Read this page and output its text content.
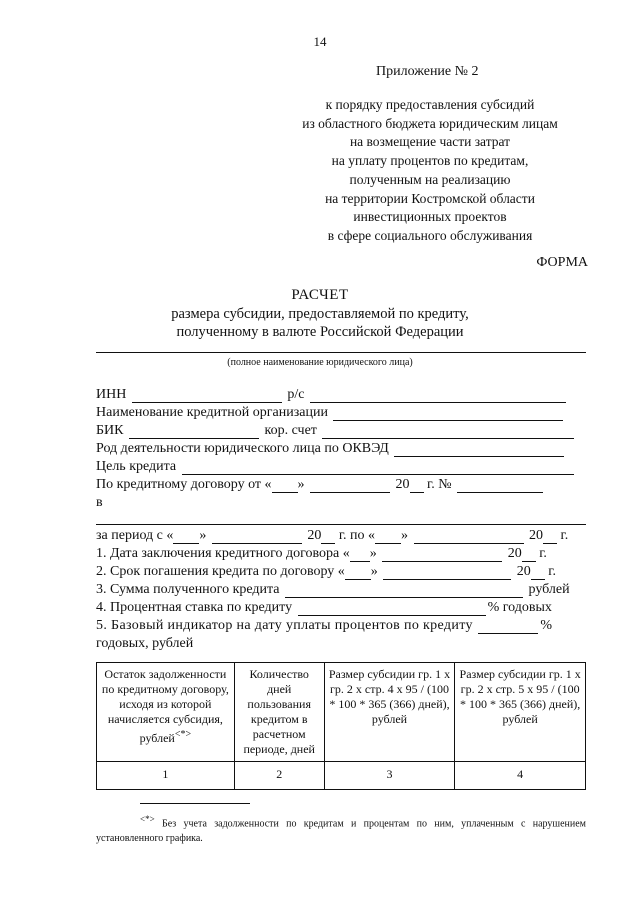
14
Приложение № 2
к порядку предоставления субсидий
из областного бюджета юридическим лицам
на возмещение части затрат
на уплату процентов по кредитам,
полученным на реализацию
на территории Костромской области
инвестиционных проектов
в сфере социального обслуживания
ФОРМА
РАСЧЕТ
размера субсидии, предоставляемой по кредиту,
полученному в валюте Российской Федерации
(полное наименование юридического лица)
ИНН	р/с
Наименование кредитной организации
БИК	кор. счет
Род деятельности юридического лица по ОКВЭД
Цель кредита
По кредитному договору от « »	20 г. №
в
за период с « »	20 г. по « »	20 г.
1. Дата заключения кредитного договора « »	20 г.
2. Срок погашения кредита по договору « »	20 г.
3. Сумма полученного кредита	рублей
4. Процентная ставка по кредиту	% годовых
5. Базовый индикатор на дату уплаты процентов по кредиту	%
годовых, рублей
Остаток задолженности по кредитному договору, исходя из которой начисляется субсидия, рублей<*>	Количество дней пользования кредитом в расчетном периоде, дней	Размер субсидии гр. 1 x гр. 2 x стр. 4 x 95 / (100 * 100 * 365 (366) дней), рублей	Размер субсидии гр. 1 x гр. 2 x стр. 5 x 95 / (100 * 100 * 365 (366) дней), рублей
1	2	3	4
<*> Без учета задолженности по кредитам и процентам по ним, уплаченным с нарушением установленного графика.
